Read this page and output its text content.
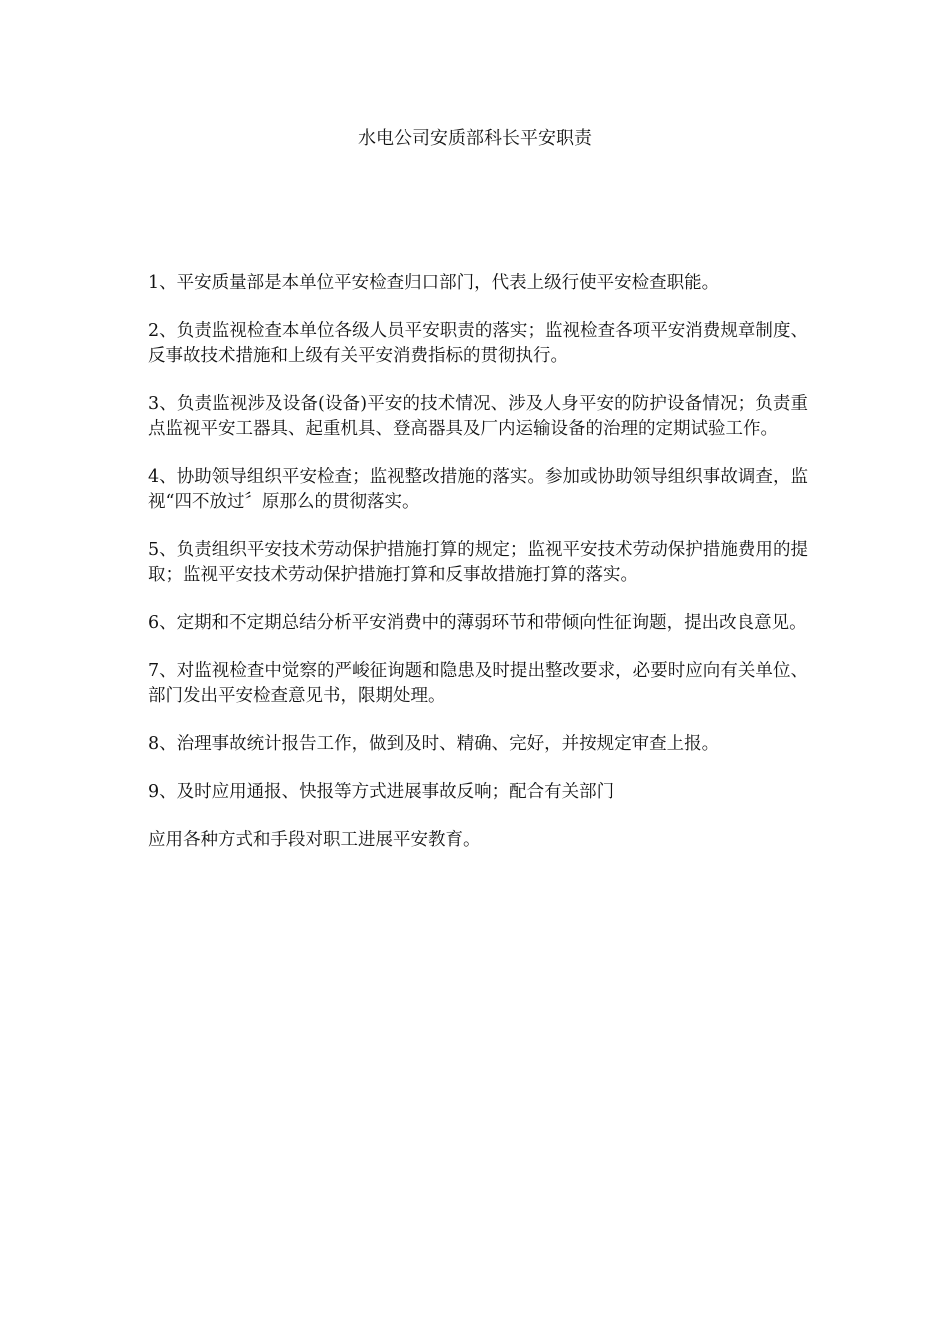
水电公司安质部科长平安职责

1、平安质量部是本单位平安检查归口部门，代表上级行使平安检查职能。

2、负责监视检查本单位各级人员平安职责的落实；监视检查各项平安消费规章制度、反事故技术措施和上级有关平安消费指标的贯彻执行。

3、负责监视涉及设备(设备)平安的技术情况、涉及人身平安的防护设备情况；负责重点监视平安工器具、起重机具、登高器具及厂内运输设备的治理的定期试验工作。

4、协助领导组织平安检查；监视整改措施的落实。参加或协助领导组织事故调查，监视“四不放过〞原那么的贯彻落实。

5、负责组织平安技术劳动保护措施打算的规定；监视平安技术劳动保护措施费用的提取；监视平安技术劳动保护措施打算和反事故措施打算的落实。

6、定期和不定期总结分析平安消费中的薄弱环节和带倾向性征询题，提出改良意见。

7、对监视检查中觉察的严峻征询题和隐患及时提出整改要求，必要时应向有关单位、部门发出平安检查意见书，限期处理。

8、治理事故统计报告工作，做到及时、精确、完好，并按规定审查上报。

9、及时应用通报、快报等方式进展事故反响；配合有关部门

应用各种方式和手段对职工进展平安教育。
